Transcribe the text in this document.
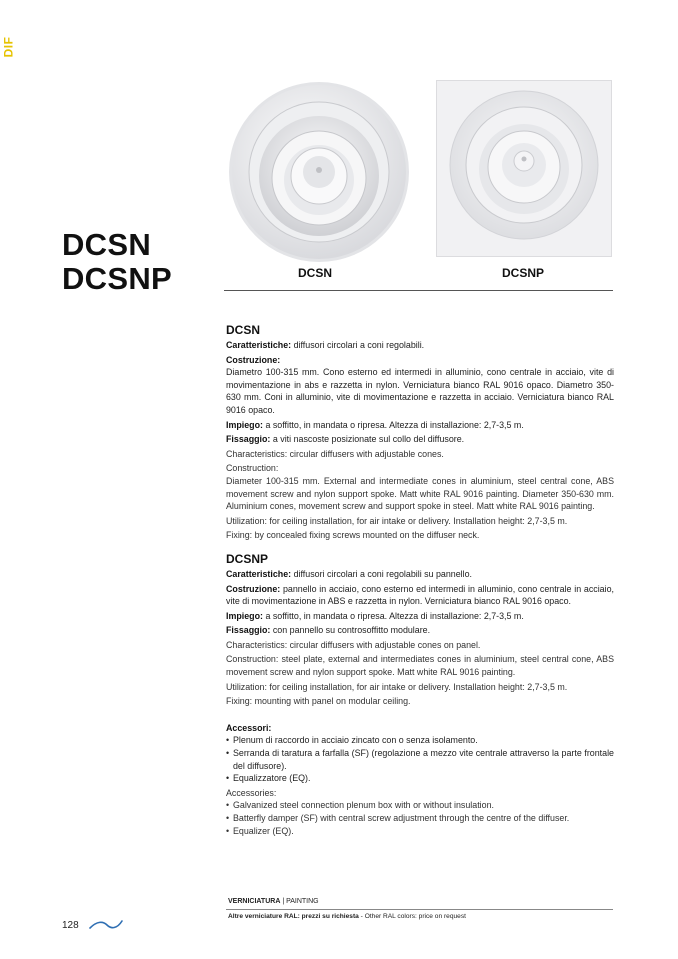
DIF
DCSN
DCSNP	DCSN	DCSNP
DCSN
Caratteristiche: diffusori circolari a coni regolabili.
Costruzione:
Diametro 100-315 mm. Cono esterno ed intermedi in alluminio, cono centrale in acciaio, vite di movimentazione in abs e razzetta in nylon. Verniciatura bianco RAL 9016 opaco. Diametro 350-630 mm. Coni in alluminio, vite di movimentazione e razzetta in acciaio. Verniciatura bianco RAL 9016 opaco.
Impiego: a soffitto, in mandata o ripresa. Altezza di installazione: 2,7-3,5 m.
Fissaggio: a viti nascoste posizionate sul collo del diffusore.
Characteristics: circular diffusers with adjustable cones.
Construction:
Diameter 100-315 mm. External and intermediate cones in aluminium, steel central cone, ABS movement screw and nylon support spoke. Matt white RAL 9016 painting. Diameter 350-630 mm. Aluminium cones, movement screw and support spoke in steel. Matt white RAL 9016 painting.
Utilization: for ceiling installation, for air intake or delivery. Installation height: 2,7-3,5 m.
Fixing: by concealed fixing screws mounted on the diffuser neck.
DCSNP
Caratteristiche: diffusori circolari a coni regolabili su pannello.
Costruzione: pannello in acciaio, cono esterno ed intermedi in alluminio, cono centrale in acciaio, vite di movimentazione in ABS e razzetta in nylon. Verniciatura bianco RAL 9016 opaco.
Impiego: a soffitto, in mandata o ripresa. Altezza di installazione: 2,7-3,5 m.
Fissaggio: con pannello su controsoffitto modulare.
Characteristics: circular diffusers with adjustable cones on panel.
Construction: steel plate, external and intermediates cones in aluminium, steel central cone, ABS movement screw and nylon support spoke. Matt white RAL 9016 painting.
Utilization: for ceiling installation, for air intake or delivery. Installation height: 2,7-3,5 m.
Fixing: mounting with panel on modular ceiling.
Accessori:
• Plenum di raccordo in acciaio zincato con o senza isolamento.
• Serranda di taratura a farfalla (SF) (regolazione a mezzo vite centrale attraverso la parte frontale del diffusore).
• Equalizzatore (EQ).
Accessories:
• Galvanized steel connection plenum box with or without insulation.
• Batterfly damper (SF) with central screw adjustment through the centre of the diffuser.
• Equalizer (EQ).
VERNICIATURA | PAINTING
Altre verniciature RAL: prezzi su richiesta - Other RAL colors: price on request
128
